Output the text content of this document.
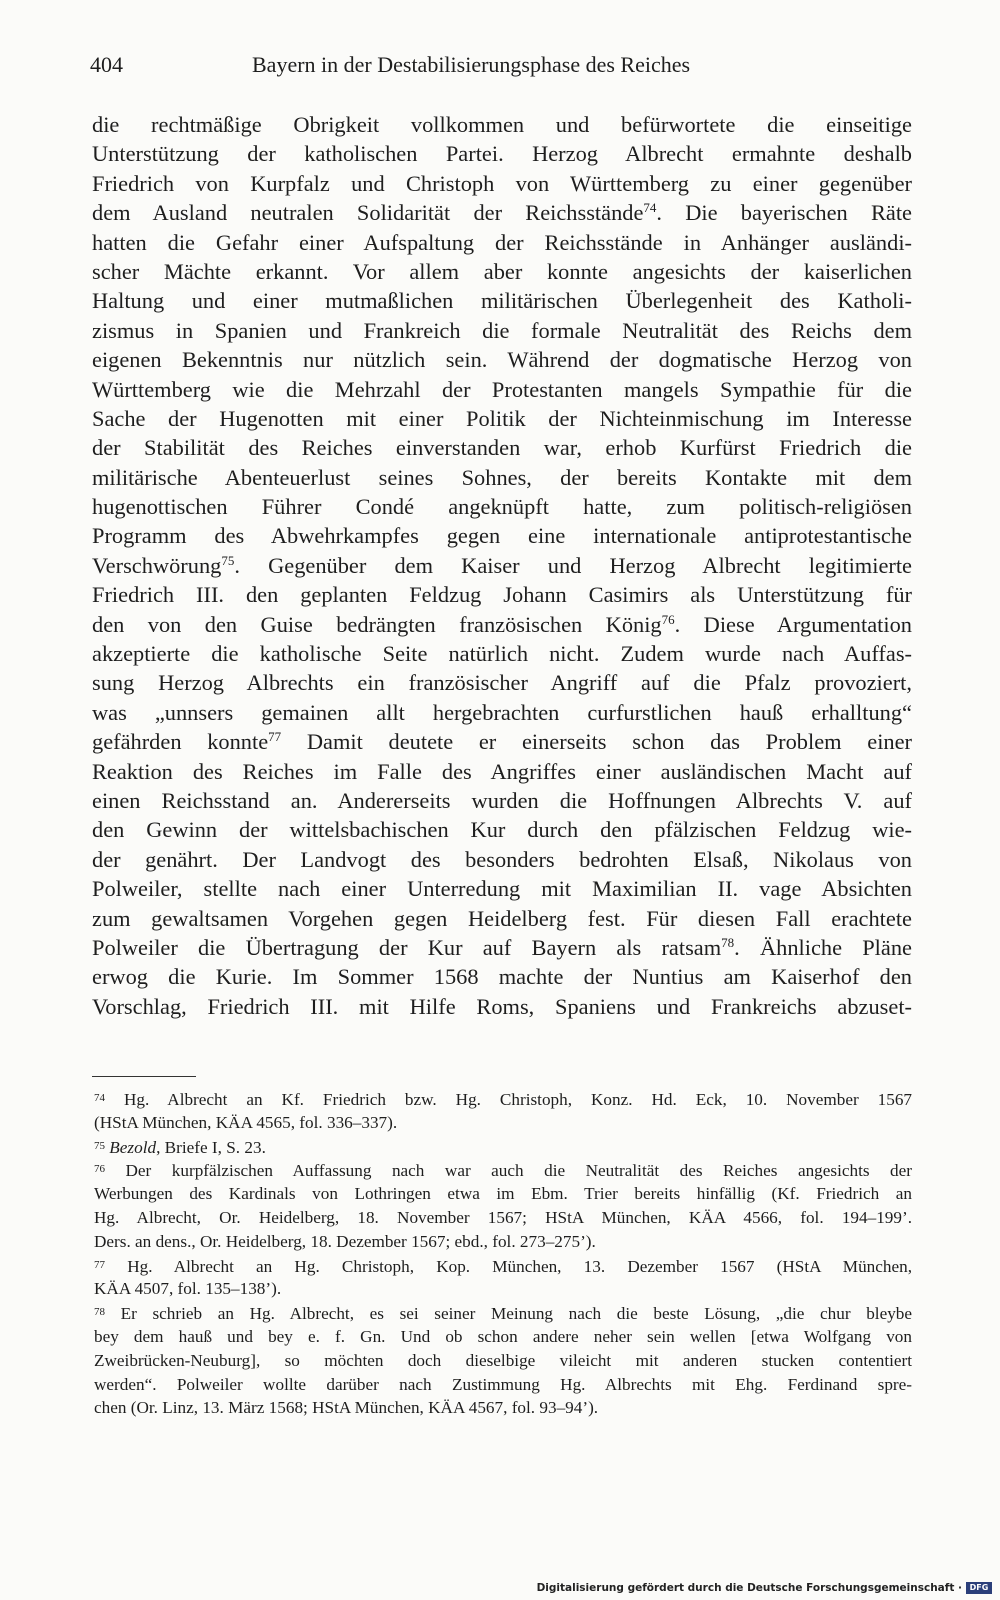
404	Bayern in der Destabilisierungsphase des Reiches
die rechtmäßige Obrigkeit vollkommen und befürwortete die einseitige
Unterstützung der katholischen Partei. Herzog Albrecht ermahnte deshalb
Friedrich von Kurpfalz und Christoph von Württemberg zu einer gegenüber
dem Ausland neutralen Solidarität der Reichsstände$^{74}$. Die bayerischen Räte
hatten die Gefahr einer Aufspaltung der Reichsstände in Anhänger ausländi-
scher Mächte erkannt. Vor allem aber konnte angesichts der kaiserlichen
Haltung und einer mutmaßlichen militärischen Überlegenheit des Katholi-
zismus in Spanien und Frankreich die formale Neutralität des Reichs dem
eigenen Bekenntnis nur nützlich sein. Während der dogmatische Herzog von
Württemberg wie die Mehrzahl der Protestanten mangels Sympathie für die
Sache der Hugenotten mit einer Politik der Nichteinmischung im Interesse
der Stabilität des Reiches einverstanden war, erhob Kurfürst Friedrich die
militärische Abenteuerlust seines Sohnes, der bereits Kontakte mit dem
hugenottischen Führer Condé angeknüpft hatte, zum politisch-religiösen
Programm des Abwehrkampfes gegen eine internationale antiprotestantische
Verschwörung$^{75}$. Gegenüber dem Kaiser und Herzog Albrecht legitimierte
Friedrich III. den geplanten Feldzug Johann Casimirs als Unterstützung für
den von den Guise bedrängten französischen König$^{76}$. Diese Argumentation
akzeptierte die katholische Seite natürlich nicht. Zudem wurde nach Auffas-
sung Herzog Albrechts ein französischer Angriff auf die Pfalz provoziert,
was „unnsers gemainen allt hergebrachten curfurstlichen hauß erhalltung“
gefährden konnte$^{77}$ Damit deutete er einerseits schon das Problem einer
Reaktion des Reiches im Falle des Angriffes einer ausländischen Macht auf
einen Reichsstand an. Andererseits wurden die Hoffnungen Albrechts V. auf
den Gewinn der wittelsbachischen Kur durch den pfälzischen Feldzug wie-
der genährt. Der Landvogt des besonders bedrohten Elsaß, Nikolaus von
Polweiler, stellte nach einer Unterredung mit Maximilian II. vage Absichten
zum gewaltsamen Vorgehen gegen Heidelberg fest. Für diesen Fall erachtete
Polweiler die Übertragung der Kur auf Bayern als ratsam$^{78}$. Ähnliche Pläne
erwog die Kurie. Im Sommer 1568 machte der Nuntius am Kaiserhof den
Vorschlag, Friedrich III. mit Hilfe Roms, Spaniens und Frankreichs abzuset-
$^{74}$ Hg. Albrecht an Kf. Friedrich bzw. Hg. Christoph, Konz. Hd. Eck, 10. November 1567
(HStA München, KÄA 4565, fol. 336–337).
$^{75}$ Bezold, Briefe I, S. 23.
$^{76}$ Der kurpfälzischen Auffassung nach war auch die Neutralität des Reiches angesichts der
Werbungen des Kardinals von Lothringen etwa im Ebm. Trier bereits hinfällig (Kf. Friedrich an
Hg. Albrecht, Or. Heidelberg, 18. November 1567; HStA München, KÄA 4566, fol. 194–199’.
Ders. an dens., Or. Heidelberg, 18. Dezember 1567; ebd., fol. 273–275’).
$^{77}$ Hg. Albrecht an Hg. Christoph, Kop. München, 13. Dezember 1567 (HStA München,
KÄA 4507, fol. 135–138’).
$^{78}$ Er schrieb an Hg. Albrecht, es sei seiner Meinung nach die beste Lösung, „die chur bleybe
bey dem hauß und bey e. f. Gn. Und ob schon andere neher sein wellen [etwa Wolfgang von
Zweibrücken-Neuburg], so möchten doch dieselbige vileicht mit anderen stucken contentiert
werden“. Polweiler wollte darüber nach Zustimmung Hg. Albrechts mit Ehg. Ferdinand spre-
chen (Or. Linz, 13. März 1568; HStA München, KÄA 4567, fol. 93–94’).
Digitalisierung gefördert durch die Deutsche Forschungsgemeinschaft · DFG
